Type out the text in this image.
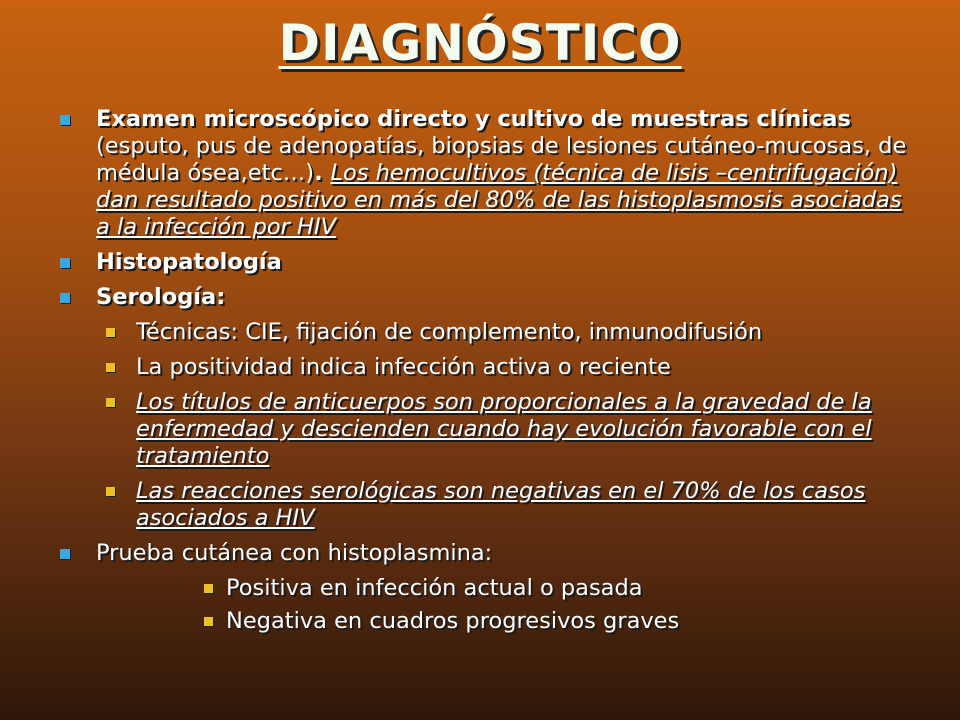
DIAGNÓSTICO
Examen microscópico directo y cultivo de muestras clínicas (esputo, pus de adenopatías, biopsias de lesiones cutáneo-mucosas, de médula ósea,etc…). Los hemocultivos (técnica de lisis –centrifugación) dan resultado positivo en más del 80% de las histoplasmosis asociadas a la infección por HIV
Histopatología
Serología:
Técnicas: CIE, fijación de complemento, inmunodifusión
La positividad indica infección activa o reciente
Los títulos de anticuerpos son proporcionales a la gravedad de la enfermedad y descienden cuando hay evolución favorable con el tratamiento
Las reacciones serológicas son negativas en el 70% de los casos asociados a HIV
Prueba cutánea con histoplasmina:
Positiva en infección actual o pasada
Negativa en cuadros progresivos graves
